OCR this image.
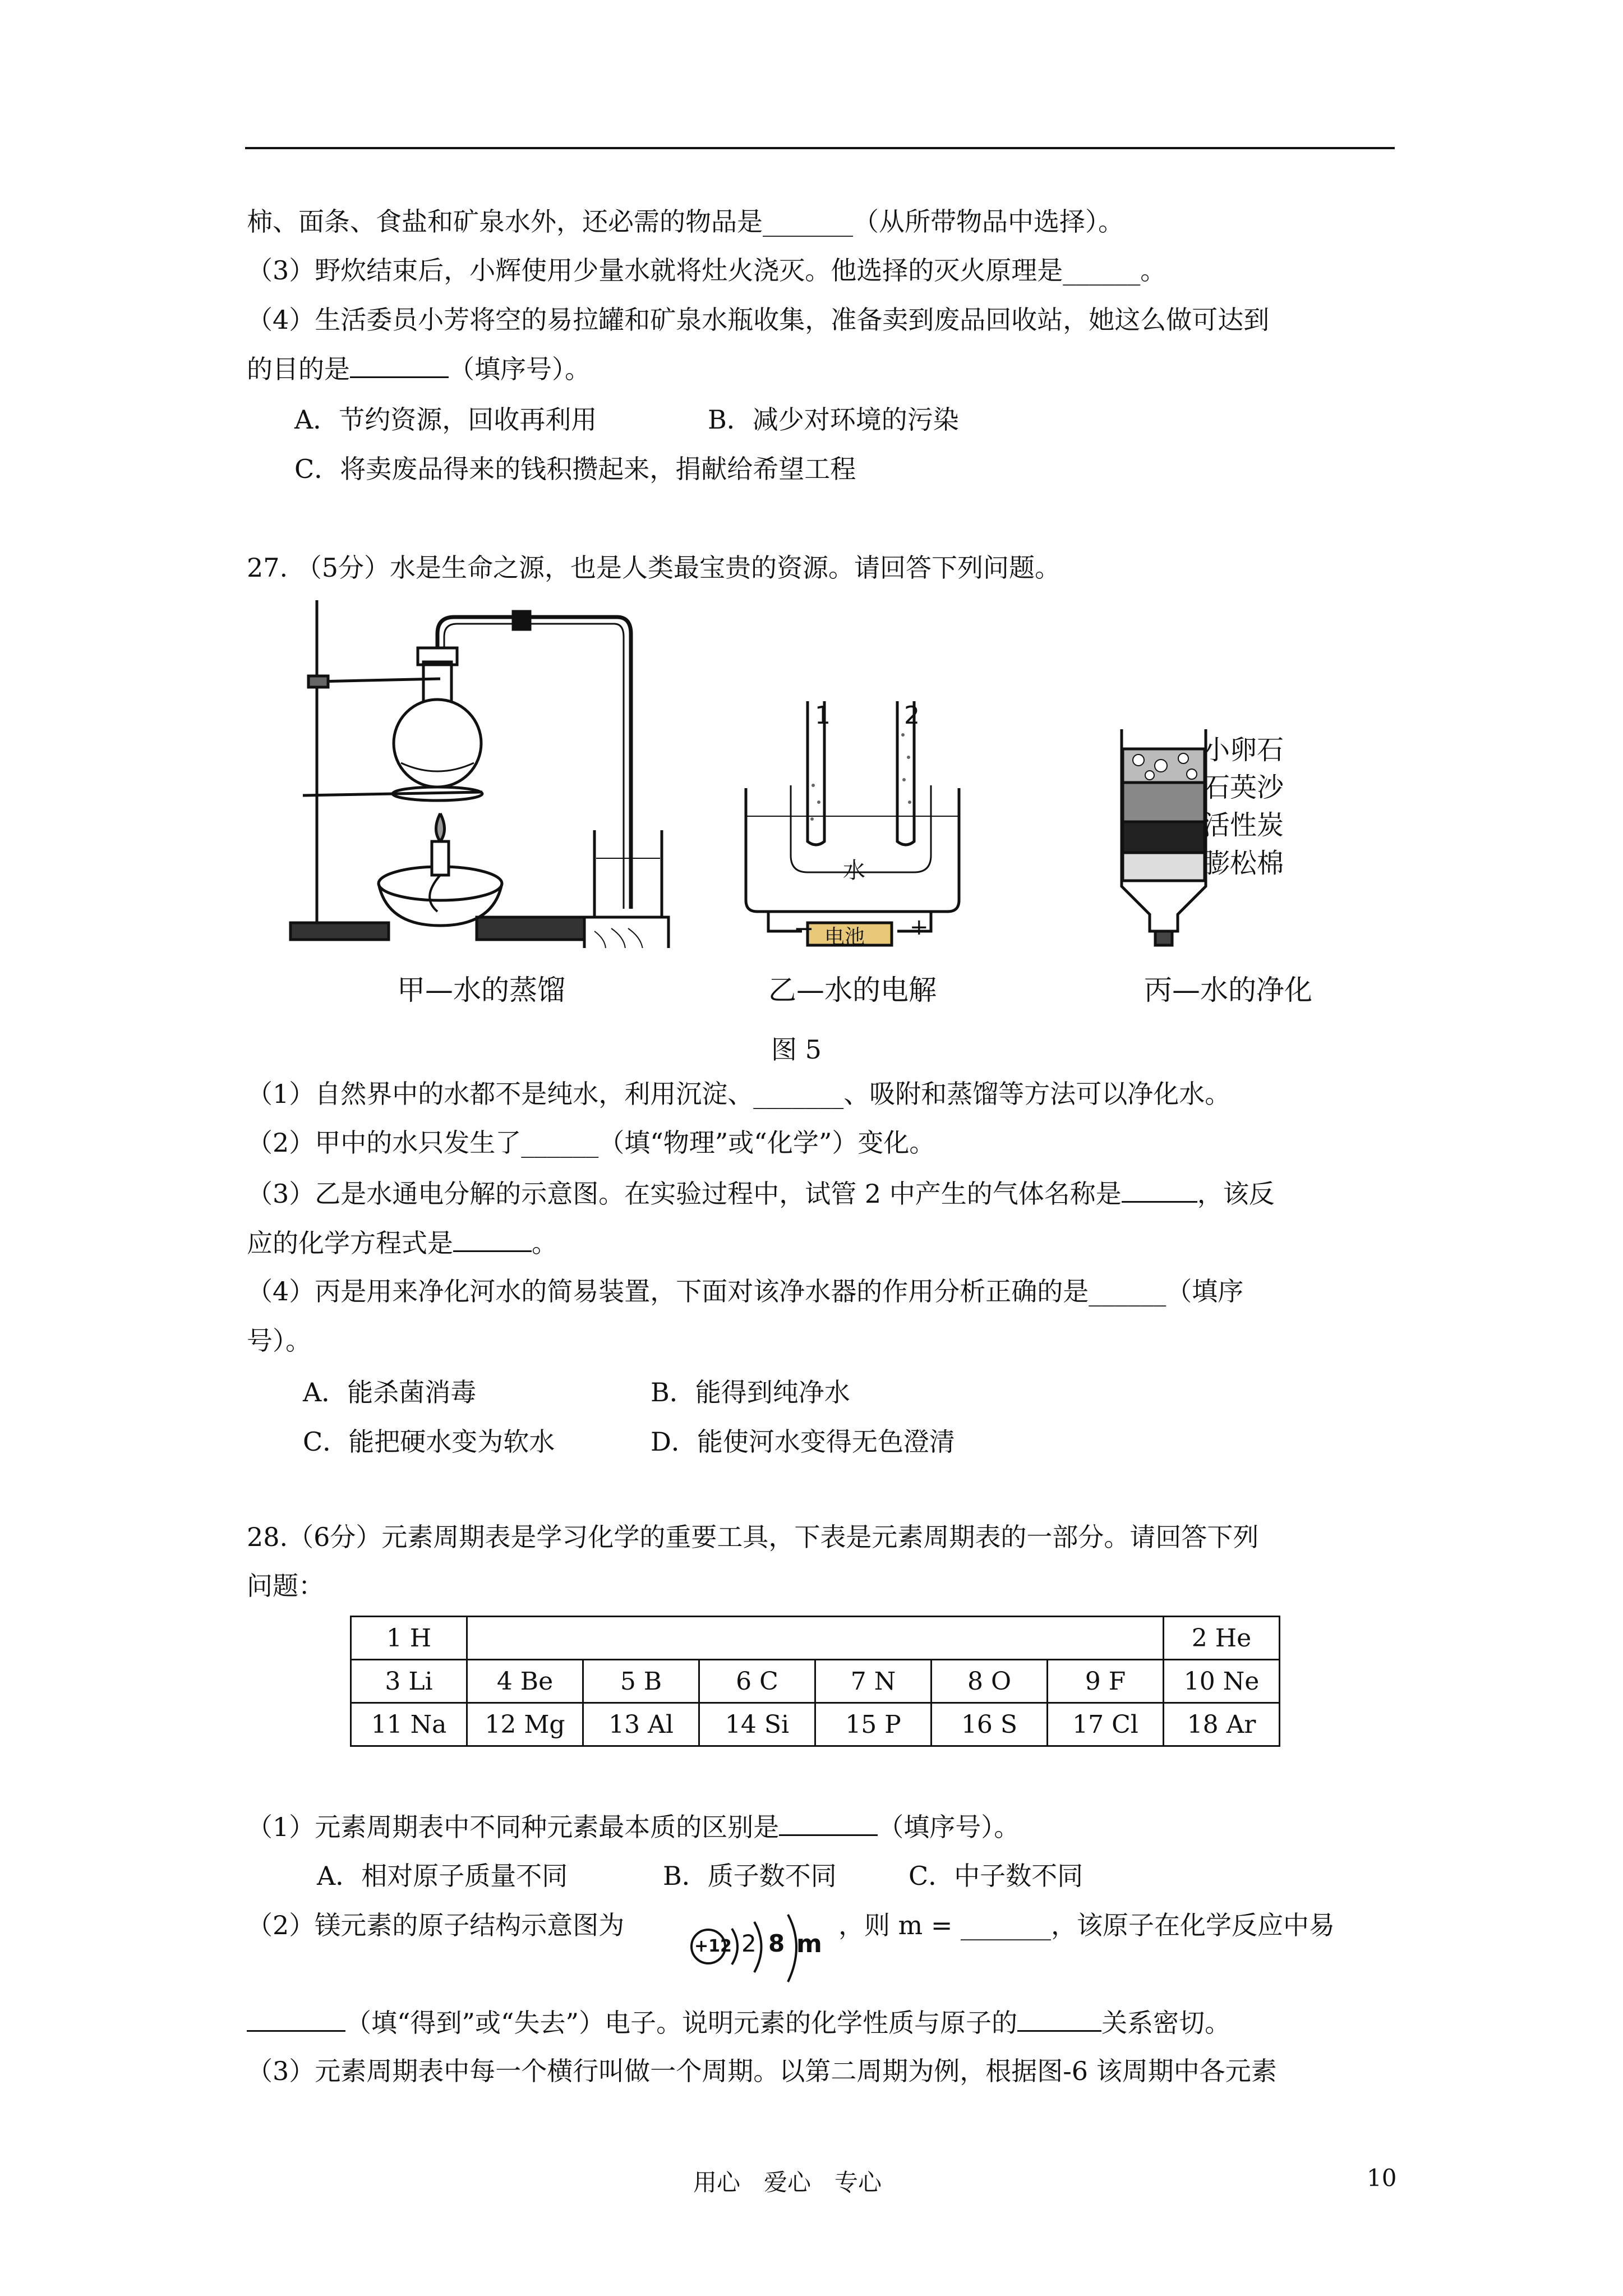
柿、面条、食盐和矿泉水外，还必需的物品是_______（从所带物品中选择）。
（3）野炊结束后，小辉使用少量水就将灶火浇灭。他选择的灭火原理是______。
（4）生活委员小芳将空的易拉罐和矿泉水瓶收集，准备卖到废品回收站，她这么做可达到
的目的是	（填序号）。
A．节约资源，回收再利用	B．减少对环境的污染
C．将卖废品得来的钱积攒起来，捐献给希望工程
27. （5分）水是生命之源，也是人类最宝贵的资源。请回答下列问题。
甲—水的蒸馏
1	2
水
电池
−	+
乙—水的电解
小卵石
石英沙
活性炭
膨松棉
丙—水的净化
图 5
（1）自然界中的水都不是纯水，利用沉淀、_______、吸附和蒸馏等方法可以净化水。
（2）甲中的水只发生了______（填“物理”或“化学”）变化。
（3）乙是水通电分解的示意图。在实验过程中，试管 2 中产生的气体名称是	，该反
应的化学方程式是	。
（4）丙是用来净化河水的简易装置，下面对该净水器的作用分析正确的是______（填序
号）。
A．能杀菌消毒	B．能得到纯净水
C．能把硬水变为软水	D．能使河水变得无色澄清
28.（6分）元素周期表是学习化学的重要工具，下表是元素周期表的一部分。请回答下列
问题：
1 H							2 He
3 Li	4 Be	5 B	6 C	7 N	8 O	9 F	10 Ne
11 Na	12 Mg	13 Al	14 Si	15 P	16 S	17 Cl	18 Ar
（1）元素周期表中不同种元素最本质的区别是	（填序号）。
A．相对原子质量不同	B．质子数不同	C．中子数不同
（2）镁元素的原子结构示意图为
+12 2 8 m
，则 m = _______，该原子在化学反应中易
（填“得到”或“失去”）电子。说明元素的化学性质与原子的	关系密切。
（3）元素周期表中每一个横行叫做一个周期。以第二周期为例，根据图-6 该周期中各元素
用心　爱心　专心	10
